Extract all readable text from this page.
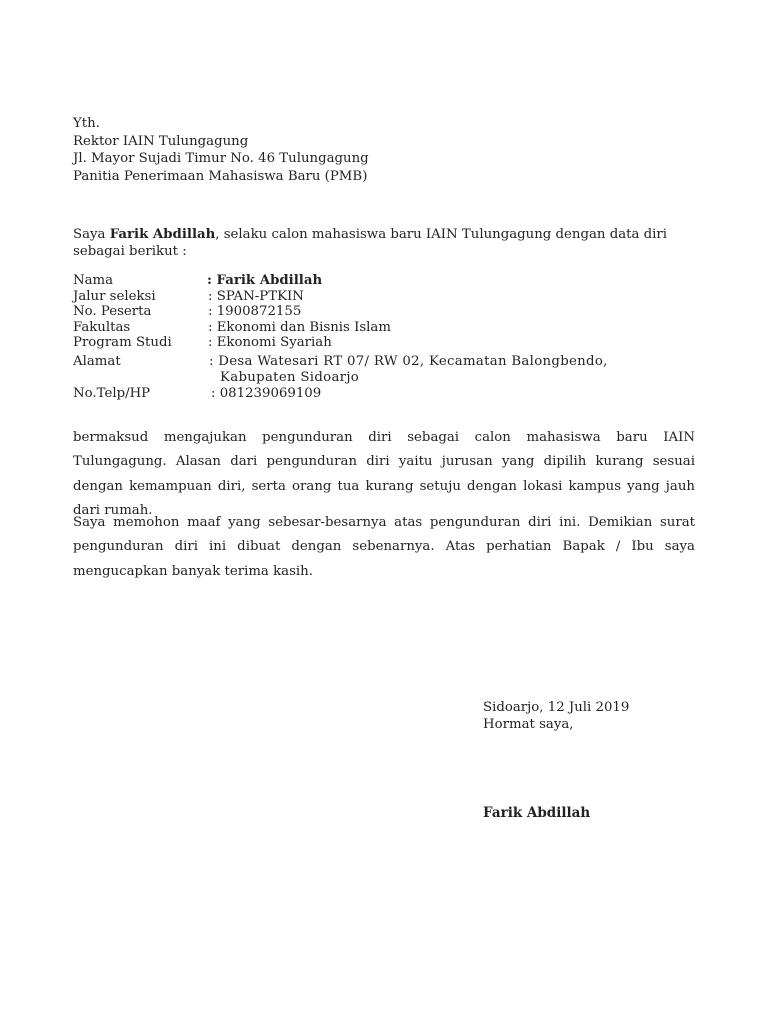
Yth.
Rektor IAIN Tulungagung
Jl. Mayor Sujadi Timur No. 46 Tulungagung
Panitia Penerimaan Mahasiswa Baru (PMB)
Saya Farik Abdillah, selaku calon mahasiswa baru IAIN Tulungagung dengan data diri sebagai berikut :
Nama	: Farik Abdillah
Jalur seleksi	: SPAN-PTKIN
No. Peserta	: 1900872155
Fakultas	: Ekonomi dan Bisnis Islam
Program Studi	: Ekonomi Syariah
Alamat	: Desa Watesari RT 07/ RW 02, Kecamatan Balongbendo,
Kabupaten Sidoarjo
No.Telp/HP	: 081239069109
bermaksud mengajukan pengunduran diri sebagai calon mahasiswa baru IAIN Tulungagung. Alasan dari pengunduran diri yaitu jurusan yang dipilih kurang sesuai dengan kemampuan diri, serta orang tua kurang setuju dengan lokasi kampus yang jauh dari rumah.
Saya memohon maaf yang sebesar-besarnya atas pengunduran diri ini. Demikian surat pengunduran diri ini dibuat dengan sebenarnya. Atas perhatian Bapak / Ibu saya mengucapkan banyak terima kasih.
Sidoarjo, 12 Juli 2019
Hormat saya,
Farik Abdillah
